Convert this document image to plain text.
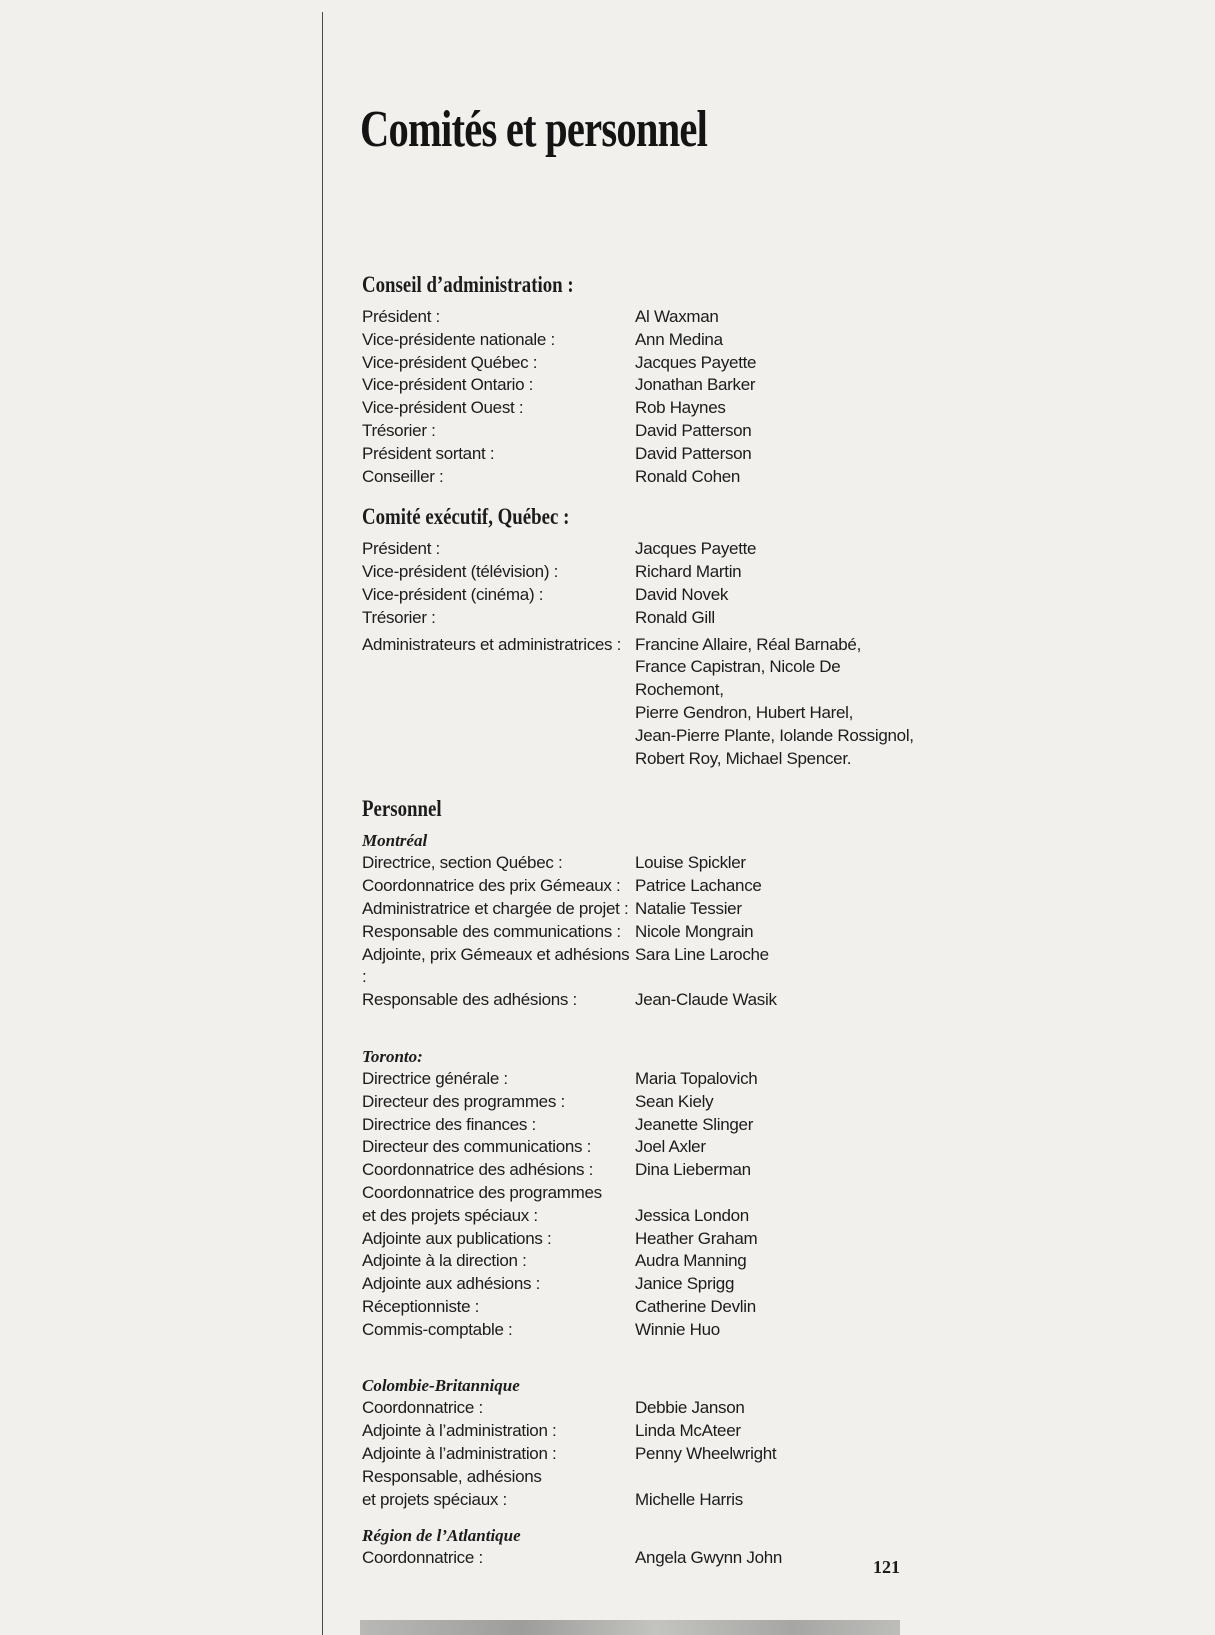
Comités et personnel
Conseil d’administration :
Président :	Al Waxman
Vice-présidente nationale :	Ann Medina
Vice-président Québec :	Jacques Payette
Vice-président Ontario :	Jonathan Barker
Vice-président Ouest :	Rob Haynes
Trésorier :	David Patterson
Président sortant :	David Patterson
Conseiller :	Ronald Cohen
Comité exécutif, Québec :
Président :	Jacques Payette
Vice-président (télévision) :	Richard Martin
Vice-président (cinéma) :	David Novek
Trésorier :	Ronald Gill
Administrateurs et administratrices : Francine Allaire, Réal Barnabé,
France Capistran, Nicole De Rochemont,
Pierre Gendron, Hubert Harel,
Jean-Pierre Plante, Iolande Rossignol,
Robert Roy, Michael Spencer.
Personnel
Montréal
Directrice, section Québec :	Louise Spickler
Coordonnatrice des prix Gémeaux : Patrice Lachance
Administratrice et chargée de projet : Natalie Tessier
Responsable des communications : Nicole Mongrain
Adjointe, prix Gémeaux et adhésions :
Sara Line Laroche
Responsable des adhésions :	Jean-Claude Wasik
Toronto:
Directrice générale :	Maria Topalovich
Directeur des programmes :	Sean Kiely
Directrice des finances :	Jeanette Slinger
Directeur des communications :	Joel Axler
Coordonnatrice des adhésions :	Dina Lieberman
Coordonnatrice des programmes
et des projets spéciaux :	Jessica London
Adjointe aux publications :	Heather Graham
Adjointe à la direction :	Audra Manning
Adjointe aux adhésions :	Janice Sprigg
Réceptionniste :	Catherine Devlin
Commis-comptable :	Winnie Huo
Colombie-Britannique
Coordonnatrice :	Debbie Janson
Adjointe à l’administration :	Linda McAteer
Adjointe à l’administration :	Penny Wheelwright
Responsable, adhésions
et projets spéciaux :	Michelle Harris
Région de l’Atlantique
Coordonnatrice :	Angela Gwynn John	121
